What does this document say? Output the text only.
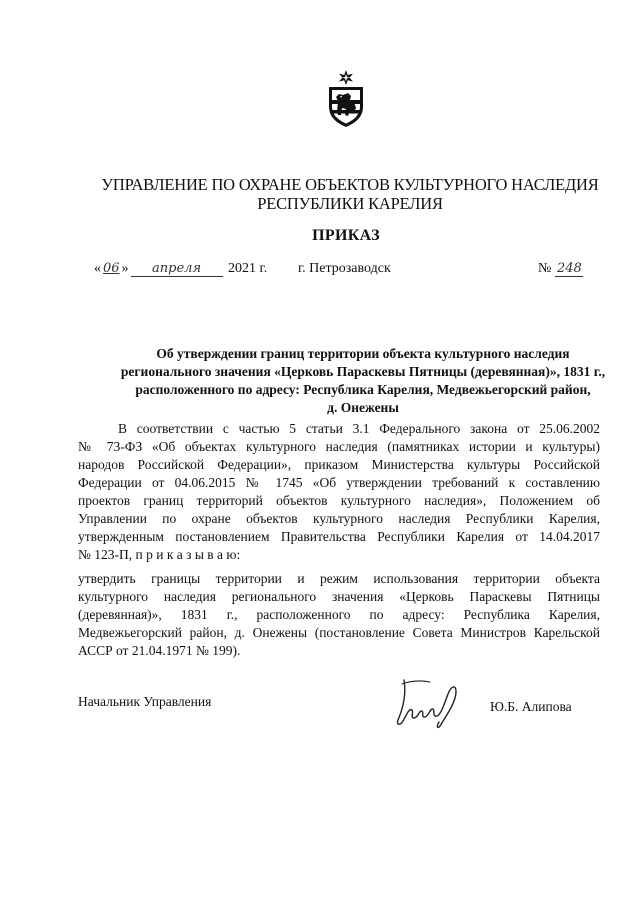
УПРАВЛЕНИЕ ПО ОХРАНЕ ОБЪЕКТОВ КУЛЬТУРНОГО НАСЛЕДИЯ
РЕСПУБЛИКИ КАРЕЛИЯ
ПРИКАЗ
« 06 » апреля 2021 г. г. Петрозаводск	№ 248
Об утверждении границ территории объекта культурного наследия
регионального значения «Церковь Параскевы Пятницы (деревянная)», 1831 г.,
расположенного по адресу: Республика Карелия, Медвежьегорский район,
д. Онежены
В соответствии с частью 5 статьи 3.1 Федерального закона от 25.06.2002
№ 73-ФЗ «Об объектах культурного наследия (памятниках истории и культуры)
народов Российской Федерации», приказом Министерства культуры Российской
Федерации от 04.06.2015 № 1745 «Об утверждении требований к составлению
проектов границ территорий объектов культурного наследия», Положением об
Управлении по охране объектов культурного наследия Республики Карелия,
утвержденным постановлением Правительства Республики Карелия от 14.04.2017
№ 123-П, п р и к а з ы в а ю:
утвердить границы территории и режим использования территории объекта
культурного наследия регионального значения «Церковь Параскевы Пятницы
(деревянная)», 1831 г., расположенного по адресу: Республика Карелия,
Медвежьегорский район, д. Онежены (постановление Совета Министров Карельской
АССР от 21.04.1971 № 199).
Начальник Управления	Ю.Б. Алипова
